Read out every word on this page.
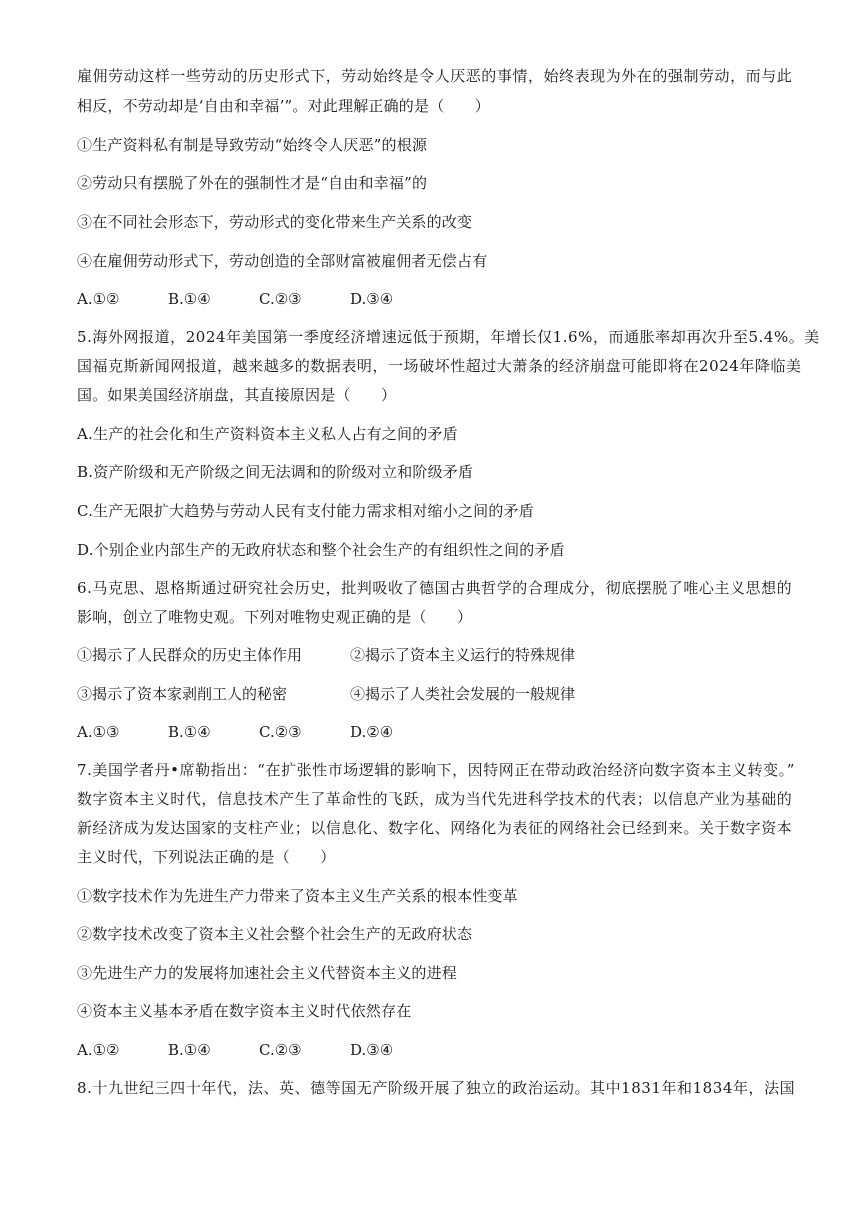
雇佣劳动这样一些劳动的历史形式下，劳动始终是令人厌恶的事情，始终表现为外在的强制劳动，而与此
相反，不劳动却是‘自由和幸福’”。对此理解正确的是（　　）
①生产资料私有制是导致劳动“始终令人厌恶”的根源
②劳动只有摆脱了外在的强制性才是“自由和幸福”的
③在不同社会形态下，劳动形式的变化带来生产关系的改变
④在雇佣劳动形式下，劳动创造的全部财富被雇佣者无偿占有
A.①②	B.①④	C.②③	D.③④
5.海外网报道，2024年美国第一季度经济增速远低于预期，年增长仅1.6%，而通胀率却再次升至5.4%。美
国福克斯新闻网报道，越来越多的数据表明，一场破坏性超过大萧条的经济崩盘可能即将在2024年降临美
国。如果美国经济崩盘，其直接原因是（　　）
A.生产的社会化和生产资料资本主义私人占有之间的矛盾
B.资产阶级和无产阶级之间无法调和的阶级对立和阶级矛盾
C.生产无限扩大趋势与劳动人民有支付能力需求相对缩小之间的矛盾
D.个别企业内部生产的无政府状态和整个社会生产的有组织性之间的矛盾
6.马克思、恩格斯通过研究社会历史，批判吸收了德国古典哲学的合理成分，彻底摆脱了唯心主义思想的
影响，创立了唯物史观。下列对唯物史观正确的是（　　）
①揭示了人民群众的历史主体作用	②揭示了资本主义运行的特殊规律
③揭示了资本家剥削工人的秘密	④揭示了人类社会发展的一般规律
A.①③	B.①④	C.②③	D.②④
7.美国学者丹•席勒指出：“在扩张性市场逻辑的影响下，因特网正在带动政治经济向数字资本主义转变。”
数字资本主义时代，信息技术产生了革命性的飞跃，成为当代先进科学技术的代表；以信息产业为基础的
新经济成为发达国家的支柱产业；以信息化、数字化、网络化为表征的网络社会已经到来。关于数字资本
主义时代，下列说法正确的是（　　）
①数字技术作为先进生产力带来了资本主义生产关系的根本性变革
②数字技术改变了资本主义社会整个社会生产的无政府状态
③先进生产力的发展将加速社会主义代替资本主义的进程
④资本主义基本矛盾在数字资本主义时代依然存在
A.①②	B.①④	C.②③	D.③④
8.十九世纪三四十年代，法、英、德等国无产阶级开展了独立的政治运动。其中1831年和1834年，法国
